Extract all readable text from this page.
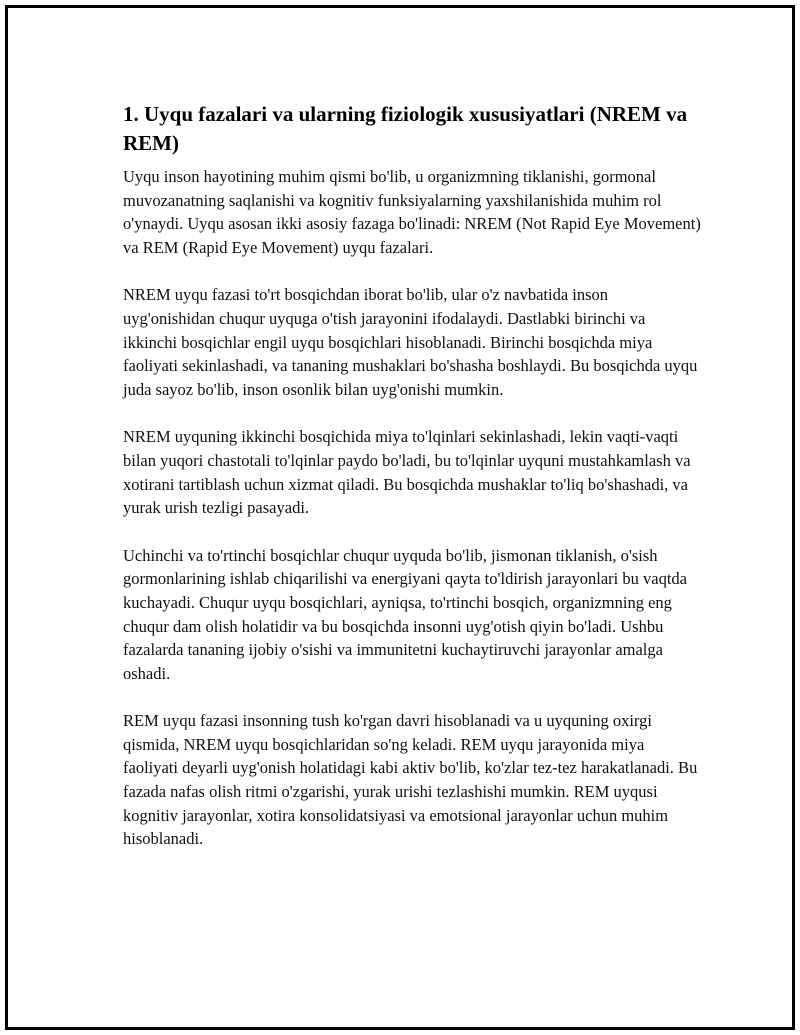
1. Uyqu fazalari va ularning fiziologik xususiyatlari (NREM va REM)

Uyqu inson hayotining muhim qismi bo'lib, u organizmning tiklanishi, gormonal muvozanatning saqlanishi va kognitiv funksiyalarning yaxshilanishida muhim rol o'ynaydi. Uyqu asosan ikki asosiy fazaga bo'linadi: NREM (Not Rapid Eye Movement) va REM (Rapid Eye Movement) uyqu fazalari.

NREM uyqu fazasi to'rt bosqichdan iborat bo'lib, ular o'z navbatida inson uyg'onishidan chuqur uyquga o'tish jarayonini ifodalaydi. Dastlabki birinchi va ikkinchi bosqichlar engil uyqu bosqichlari hisoblanadi. Birinchi bosqichda miya faoliyati sekinlashadi, va tananing mushaklari bo'shasha boshlaydi. Bu bosqichda uyqu juda sayoz bo'lib, inson osonlik bilan uyg'onishi mumkin.

NREM uyquning ikkinchi bosqichida miya to'lqinlari sekinlashadi, lekin vaqti-vaqti bilan yuqori chastotali to'lqinlar paydo bo'ladi, bu to'lqinlar uyquni mustahkamlash va xotirani tartiblash uchun xizmat qiladi. Bu bosqichda mushaklar to'liq bo'shashadi, va yurak urish tezligi pasayadi.

Uchinchi va to'rtinchi bosqichlar chuqur uyquda bo'lib, jismonan tiklanish, o'sish gormonlarining ishlab chiqarilishi va energiyani qayta to'ldirish jarayonlari bu vaqtda kuchayadi. Chuqur uyqu bosqichlari, ayniqsa, to'rtinchi bosqich, organizmning eng chuqur dam olish holatidir va bu bosqichda insonni uyg'otish qiyin bo'ladi. Ushbu fazalarda tananing ijobiy o'sishi va immunitetni kuchaytiruvchi jarayonlar amalga oshadi.

REM uyqu fazasi insonning tush ko'rgan davri hisoblanadi va u uyquning oxirgi qismida, NREM uyqu bosqichlaridan so'ng keladi. REM uyqu jarayonida miya faoliyati deyarli uyg'onish holatidagi kabi aktiv bo'lib, ko'zlar tez-tez harakatlanadi. Bu fazada nafas olish ritmi o'zgarishi, yurak urishi tezlashishi mumkin. REM uyqusi kognitiv jarayonlar, xotira konsolidatsiyasi va emotsional jarayonlar uchun muhim hisoblanadi.
